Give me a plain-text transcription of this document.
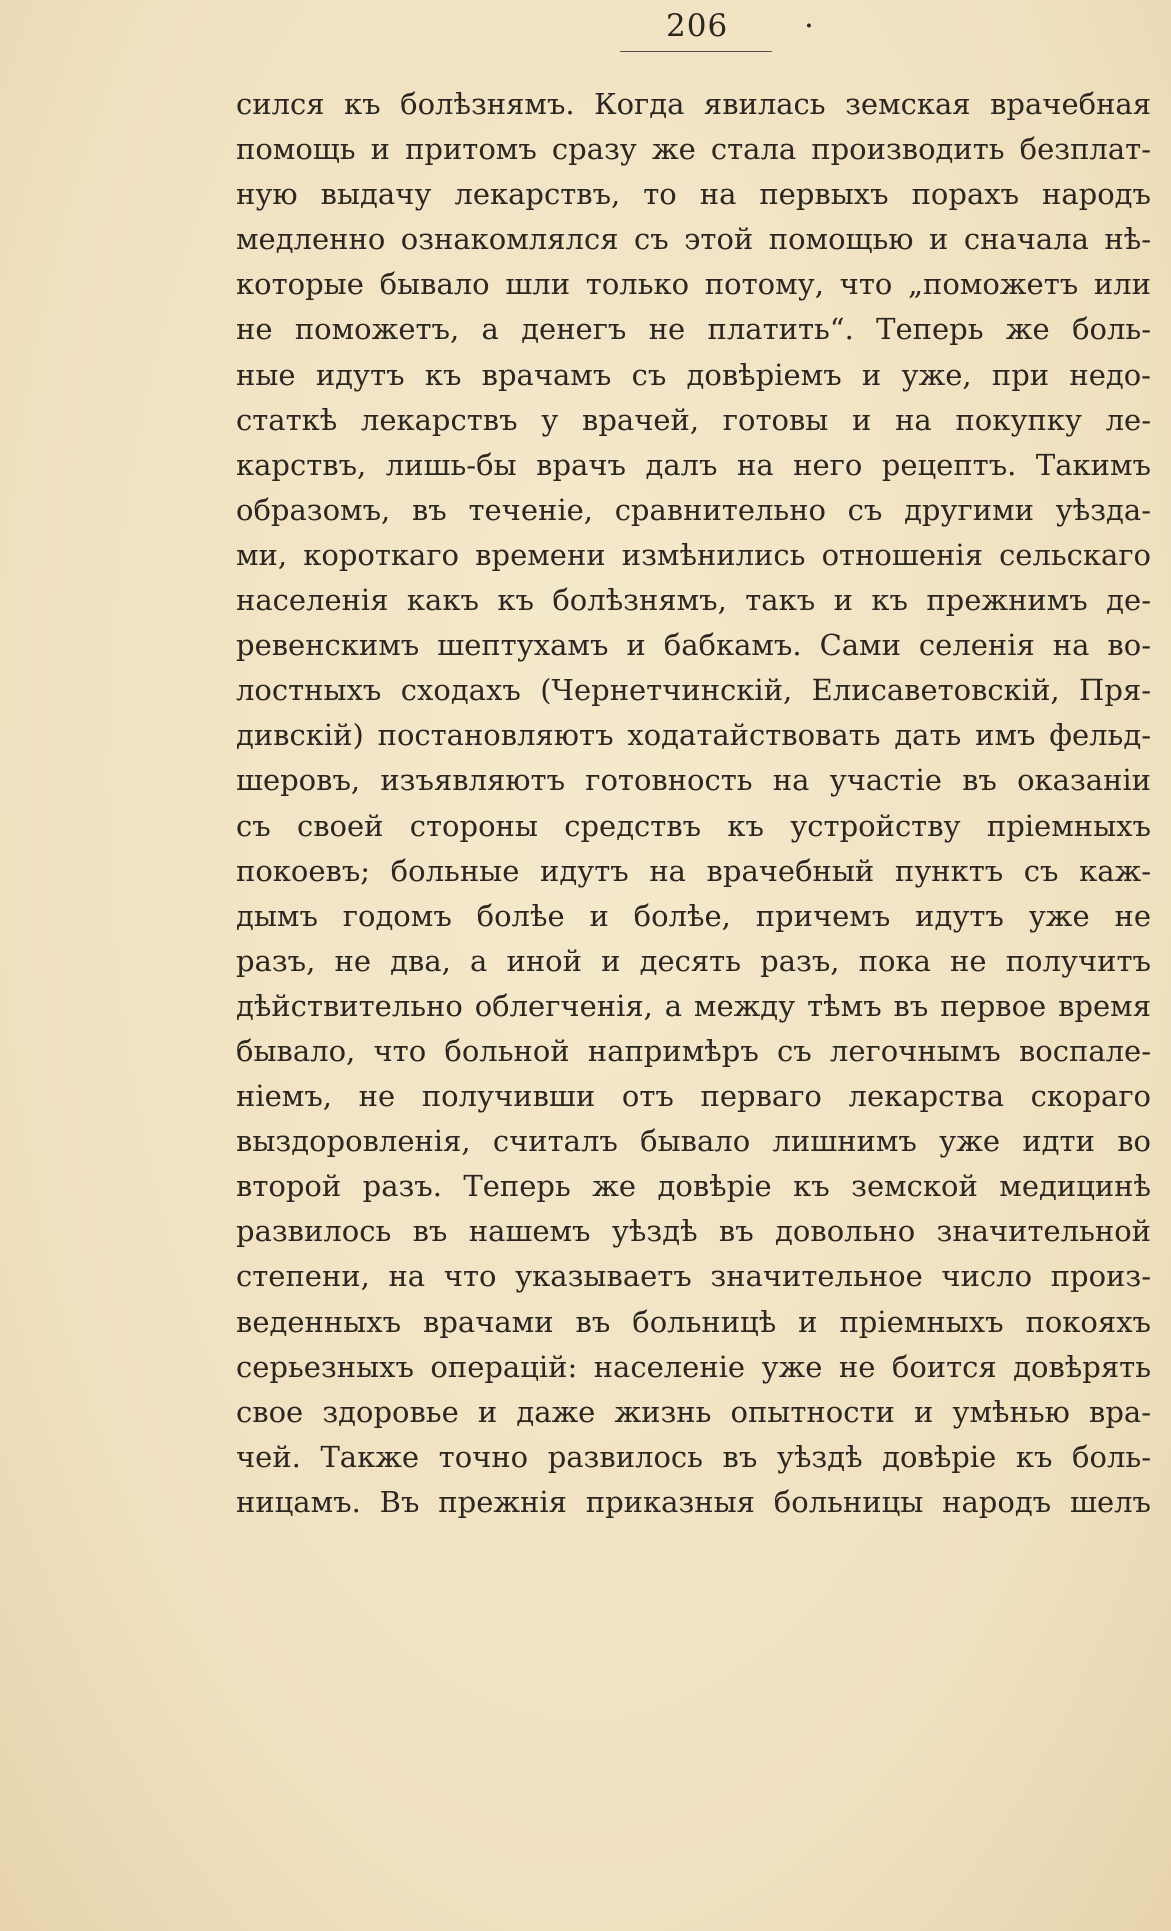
206 ·
сился къ болѣзнямъ. Когда явилась земская врачебная
помощь и притомъ сразу же стала производить безплат-
ную выдачу лекарствъ, то на первыхъ порахъ народъ
медленно ознакомлялся съ этой помощью и сначала нѣ-
которые бывало шли только потому, что „поможетъ или
не поможетъ, а денегъ не платить“. Теперь же боль-
ные идутъ къ врачамъ съ довѣріемъ и уже, при недо-
статкѣ лекарствъ у врачей, готовы и на покупку ле-
карствъ, лишь-бы врачъ далъ на него рецептъ. Такимъ
образомъ, въ теченіе, сравнительно съ другими уѣзда-
ми, короткаго времени измѣнились отношенія сельскаго
населенія какъ къ болѣзнямъ, такъ и къ прежнимъ де-
ревенскимъ шептухамъ и бабкамъ. Сами селенія на во-
лостныхъ сходахъ (Чернетчинскій, Елисаветовскій, Пря-
дивскій) постановляютъ ходатайствовать дать имъ фельд-
шеровъ, изъявляютъ готовность на участіе въ оказаніи
съ своей стороны средствъ къ устройству пріемныхъ
покоевъ; больные идутъ на врачебный пунктъ съ каж-
дымъ годомъ болѣе и болѣе, причемъ идутъ уже не
разъ, не два, а иной и десять разъ, пока не получитъ
дѣйствительно облегченія, а между тѣмъ въ первое время
бывало, что больной напримѣръ съ легочнымъ воспале-
ніемъ, не получивши отъ перваго лекарства скораго
выздоровленія, считалъ бывало лишнимъ уже идти во
второй разъ. Теперь же довѣріе къ земской медицинѣ
развилось въ нашемъ уѣздѣ въ довольно значительной
степени, на что указываетъ значительное число произ-
веденныхъ врачами въ больницѣ и пріемныхъ покояхъ
серьезныхъ операцій: населеніе уже не боится довѣрять
свое здоровье и даже жизнь опытности и умѣнью вра-
чей. Также точно развилось въ уѣздѣ довѣріе къ боль-
ницамъ. Въ прежнія приказныя больницы народъ шелъ
